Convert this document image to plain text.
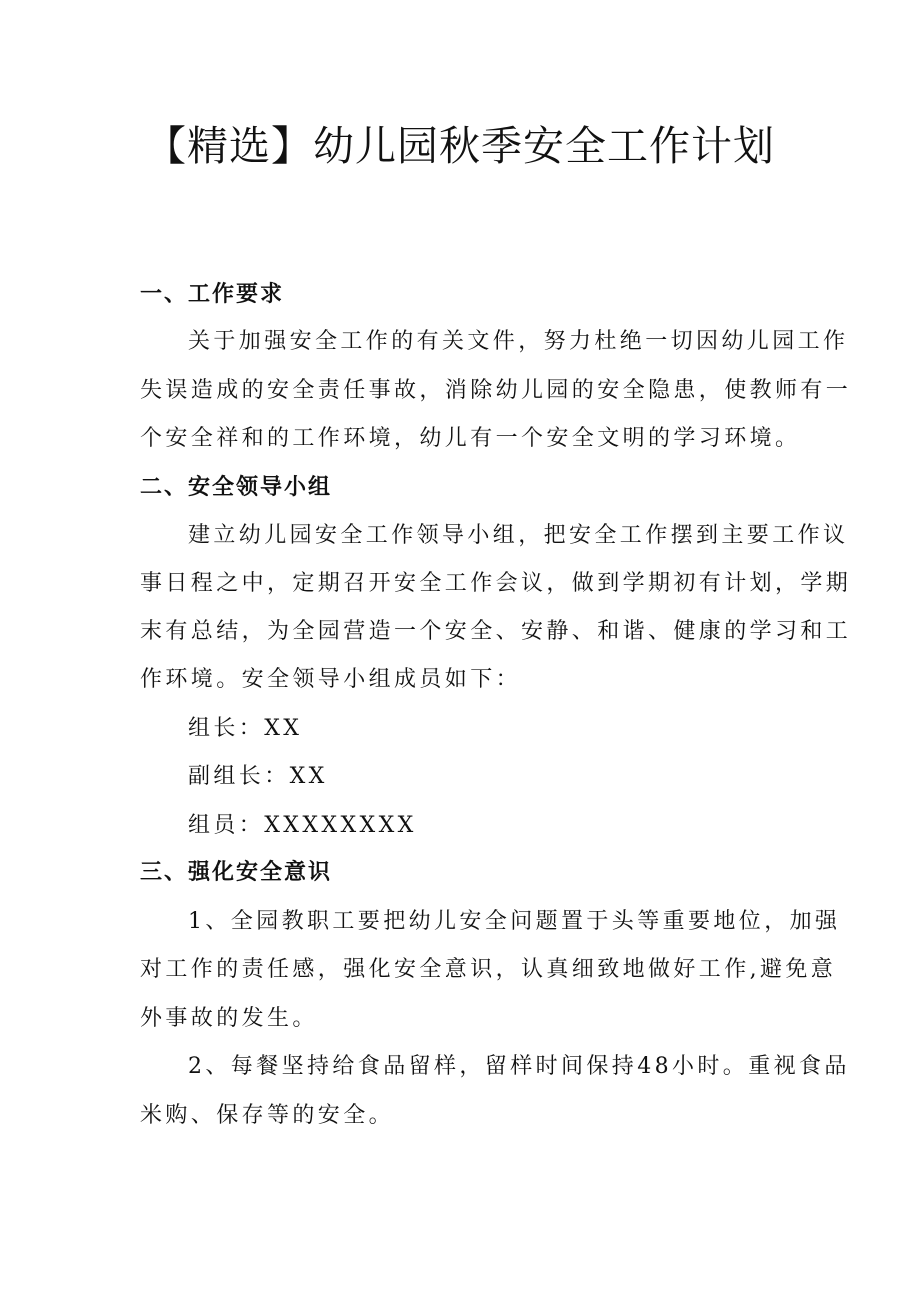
【精选】幼儿园秋季安全工作计划
一、工作要求
关于加强安全工作的有关文件，努力杜绝一切因幼儿园工作
失误造成的安全责任事故，消除幼儿园的安全隐患，使教师有一
个安全祥和的工作环境，幼儿有一个安全文明的学习环境。
二、安全领导小组
建立幼儿园安全工作领导小组，把安全工作摆到主要工作议
事日程之中，定期召开安全工作会议，做到学期初有计划，学期
末有总结，为全园营造一个安全、安静、和谐、健康的学习和工
作环境。安全领导小组成员如下：
组长：XX
副组长：XX
组员：XXXXXXXX
三、强化安全意识
1、全园教职工要把幼儿安全问题置于头等重要地位，加强
对工作的责任感，强化安全意识，认真细致地做好工作,避免意
外事故的发生。
2、每餐坚持给食品留样，留样时间保持48小时。重视食品
米购、保存等的安全。
